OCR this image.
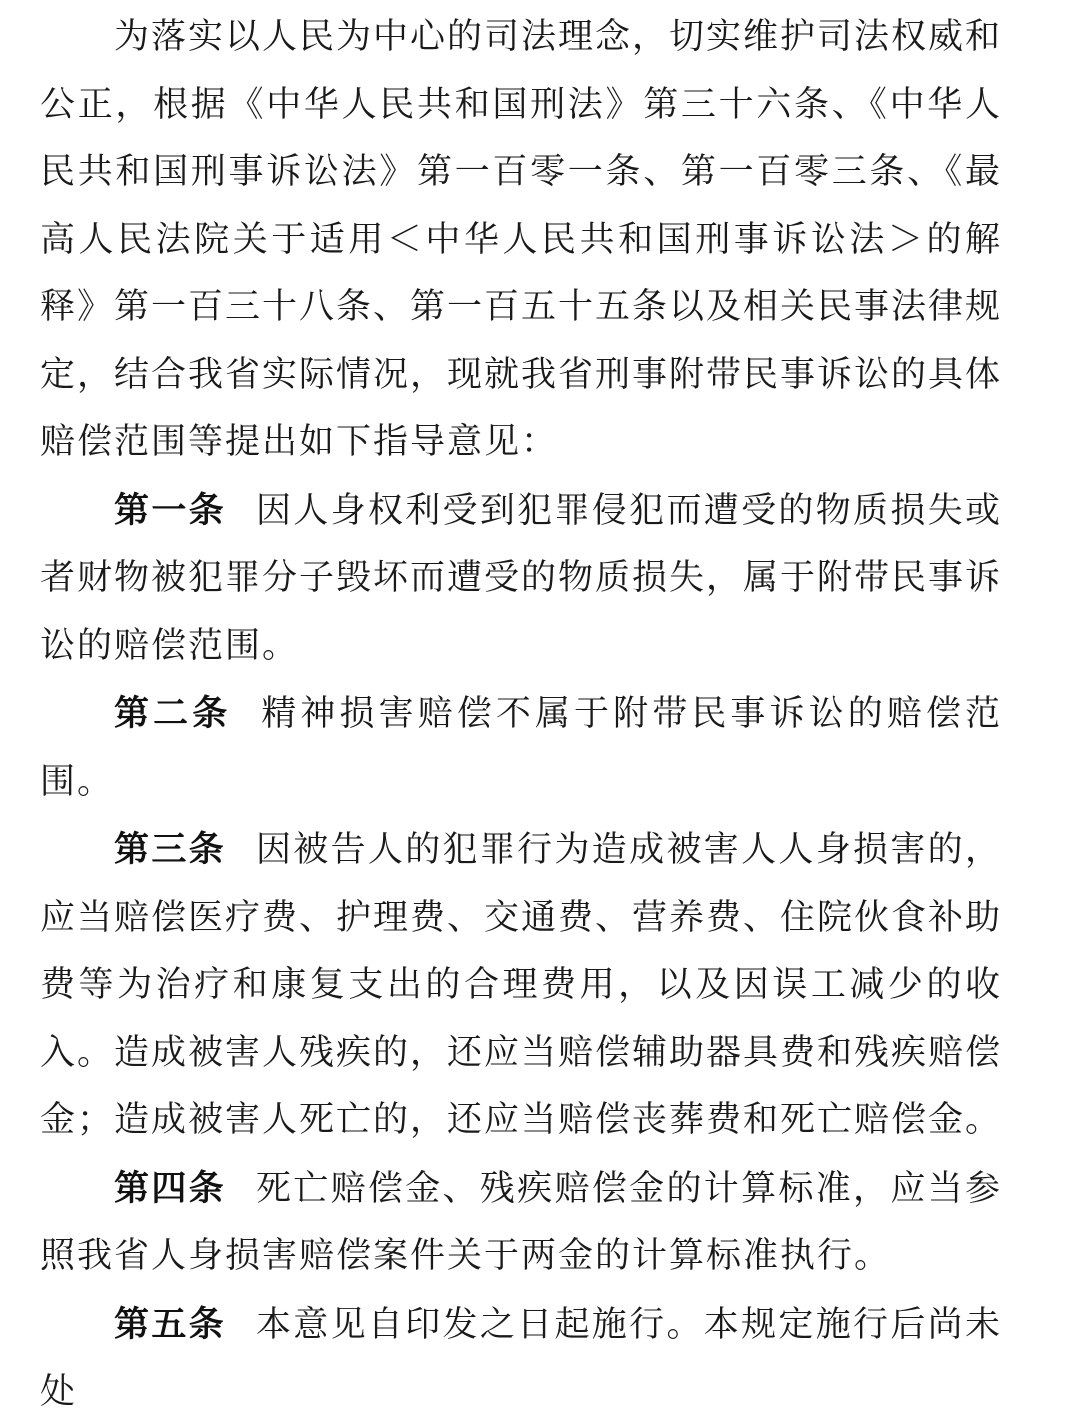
为落实以人民为中心的司法理念，切实维护司法权威和公正，根据《中华人民共和国刑法》第三十六条、《中华人民共和国刑事诉讼法》第一百零一条、第一百零三条、《最高人民法院关于适用＜中华人民共和国刑事诉讼法＞的解释》第一百三十八条、第一百五十五条以及相关民事法律规定，结合我省实际情况，现就我省刑事附带民事诉讼的具体赔偿范围等提出如下指导意见：

第一条 因人身权利受到犯罪侵犯而遭受的物质损失或者财物被犯罪分子毁坏而遭受的物质损失，属于附带民事诉讼的赔偿范围。

第二条 精神损害赔偿不属于附带民事诉讼的赔偿范围。

第三条 因被告人的犯罪行为造成被害人人身损害的，应当赔偿医疗费、护理费、交通费、营养费、住院伙食补助费等为治疗和康复支出的合理费用，以及因误工减少的收入。造成被害人残疾的，还应当赔偿辅助器具费和残疾赔偿金；造成被害人死亡的，还应当赔偿丧葬费和死亡赔偿金。

第四条 死亡赔偿金、残疾赔偿金的计算标准，应当参照我省人身损害赔偿案件关于两金的计算标准执行。

第五条 本意见自印发之日起施行。本规定施行后尚未处
